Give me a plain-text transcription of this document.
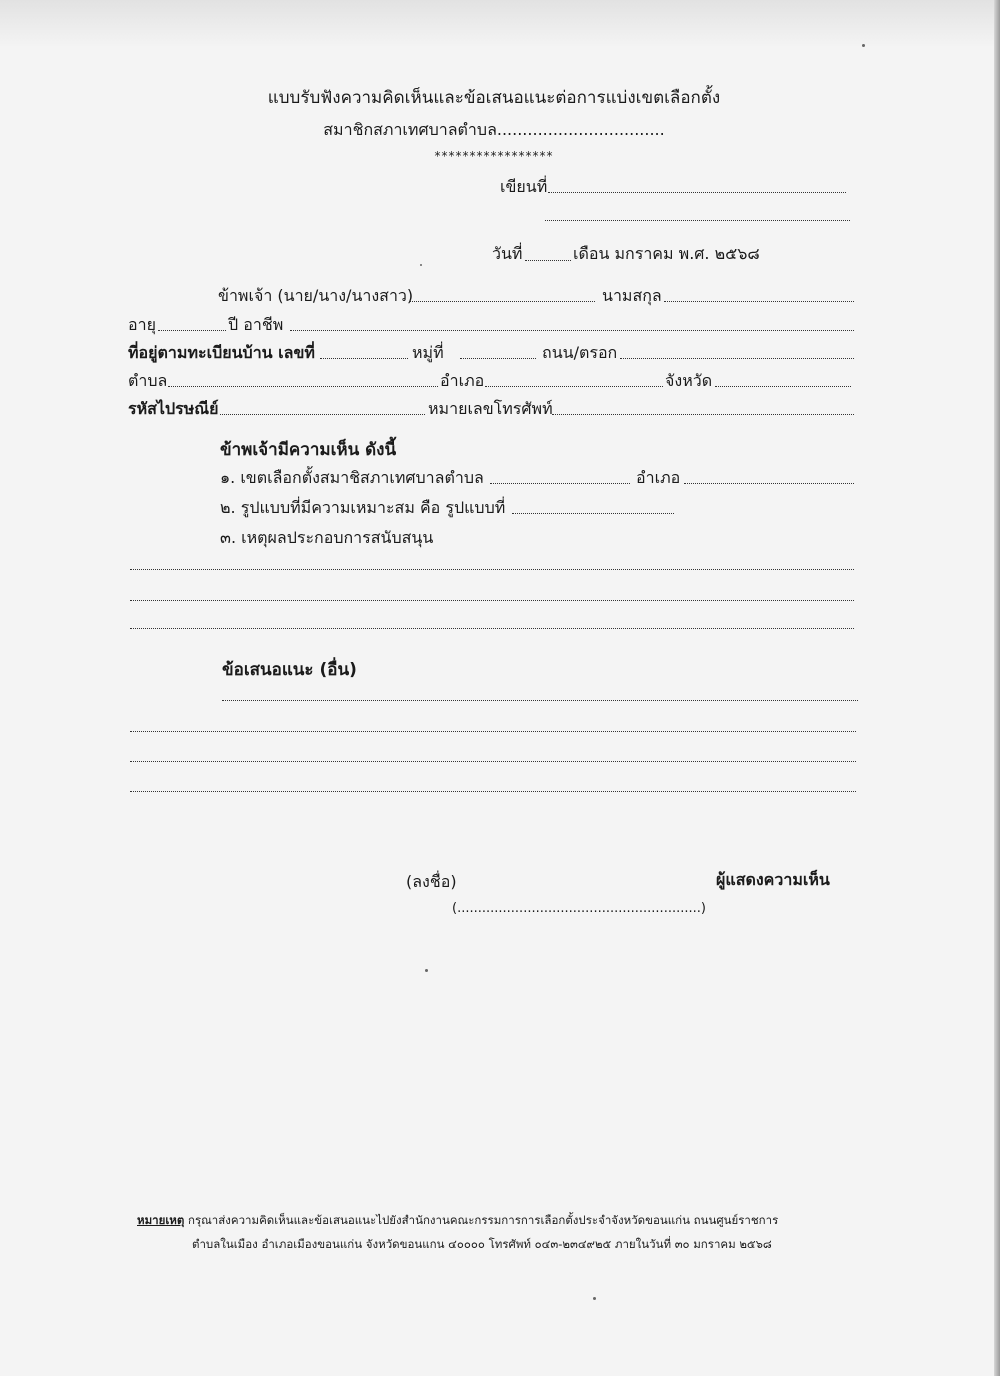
แบบรับฟังความคิดเห็นและข้อเสนอแนะต่อการแบ่งเขตเลือกตั้ง
สมาชิกสภาเทศบาลตำบล.................................
*****************
เขียนที่
วันที่	เดือน มกราคม พ.ศ. ๒๕๖๘
ข้าพเจ้า (นาย/นาง/นางสาว)	นามสกุล
อายุ	ปี อาชีพ
ที่อยู่ตามทะเบียนบ้าน เลขที่	หมู่ที่	ถนน/ตรอก
ตำบล	อำเภอ	จังหวัด
รหัสไปรษณีย์	หมายเลขโทรศัพท์
ข้าพเจ้ามีความเห็น ดังนี้
๑. เขตเลือกตั้งสมาชิสภาเทศบาลตำบล	อำเภอ
๒. รูปแบบที่มีความเหมาะสม คือ รูปแบบที่
๓. เหตุผลประกอบการสนับสนุน
ข้อเสนอแนะ (อื่น)
(ลงชื่อ)	ผู้แสดงความเห็น
(...........................................................)
หมายเหตุ กรุณาส่งความคิดเห็นและข้อเสนอแนะไปยังสำนักงานคณะกรรมการการเลือกตั้งประจำจังหวัดขอนแก่น ถนนศูนย์ราชการ
ตำบลในเมือง อำเภอเมืองขอนแก่น จังหวัดขอนแกน ๔๐๐๐๐ โทรศัพท์ ๐๔๓-๒๓๔๙๒๕ ภายในวันที่ ๓๐ มกราคม ๒๕๖๘
